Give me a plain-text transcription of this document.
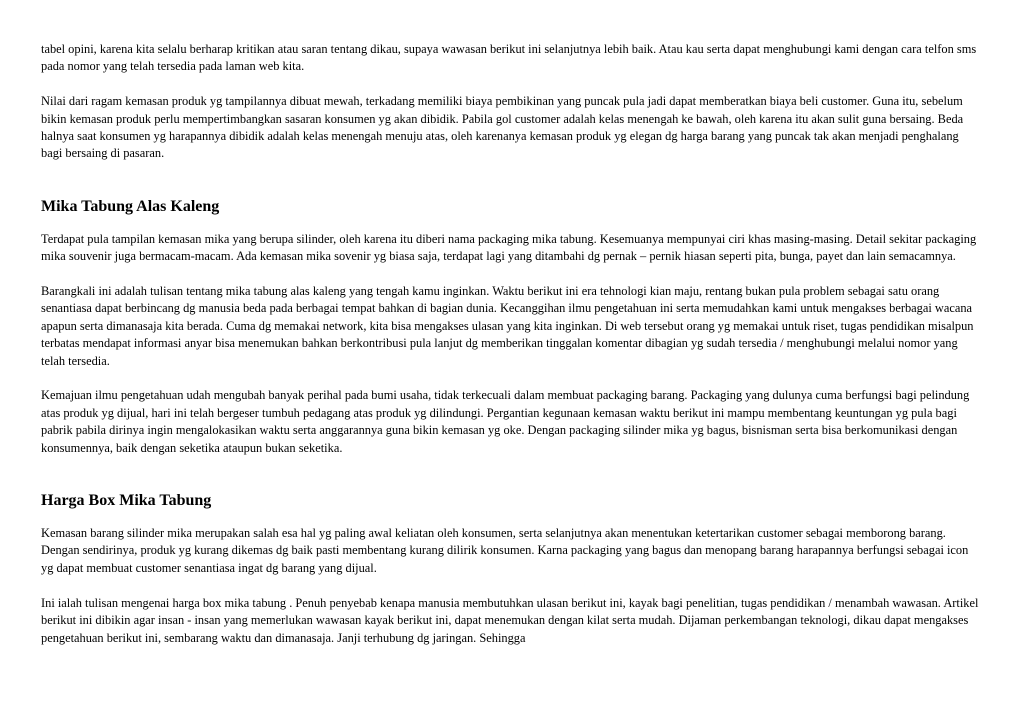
tabel opini, karena kita selalu berharap kritikan atau saran tentang dikau, supaya wawasan berikut ini selanjutnya lebih baik. Atau kau serta dapat menghubungi kami dengan cara telfon sms pada nomor yang telah tersedia pada laman web kita.

Nilai dari ragam kemasan produk yg tampilannya dibuat mewah, terkadang memiliki biaya pembikinan yang puncak pula jadi dapat memberatkan biaya beli customer. Guna itu, sebelum bikin kemasan produk perlu mempertimbangkan sasaran konsumen yg akan dibidik. Pabila gol customer adalah kelas menengah ke bawah, oleh karena itu akan sulit guna bersaing. Beda halnya saat konsumen yg harapannya dibidik adalah kelas menengah menuju atas, oleh karenanya kemasan produk yg elegan dg harga barang yang puncak tak akan menjadi penghalang bagi bersaing di pasaran.

Mika Tabung Alas Kaleng

Terdapat pula tampilan kemasan mika yang berupa silinder, oleh karena itu diberi nama packaging mika tabung. Kesemuanya mempunyai ciri khas masing-masing. Detail sekitar packaging mika souvenir juga bermacam-macam. Ada kemasan mika sovenir yg biasa saja, terdapat lagi yang ditambahi dg pernak – pernik hiasan seperti pita, bunga, payet dan lain semacamnya.

Barangkali ini adalah tulisan tentang mika tabung alas kaleng yang tengah kamu inginkan. Waktu berikut ini era tehnologi kian maju, rentang bukan pula problem sebagai satu orang senantiasa dapat berbincang dg manusia beda pada berbagai tempat bahkan di bagian dunia. Kecanggihan ilmu pengetahuan ini serta memudahkan kami untuk mengakses berbagai wacana apapun serta dimanasaja kita berada. Cuma dg memakai network, kita bisa mengakses ulasan yang kita inginkan. Di web tersebut orang yg memakai untuk riset, tugas pendidikan misalpun terbatas mendapat informasi anyar bisa menemukan bahkan berkontribusi pula lanjut dg memberikan tinggalan komentar dibagian yg sudah tersedia / menghubungi melalui nomor yang telah tersedia.

Kemajuan ilmu pengetahuan udah mengubah banyak perihal pada bumi usaha, tidak terkecuali dalam membuat packaging barang. Packaging yang dulunya cuma berfungsi bagi pelindung atas produk yg dijual, hari ini telah bergeser tumbuh pedagang atas produk yg dilindungi. Pergantian kegunaan kemasan waktu berikut ini mampu membentang keuntungan yg pula bagi pabrik pabila dirinya ingin mengalokasikan waktu serta anggarannya guna bikin kemasan yg oke. Dengan packaging silinder mika yg bagus, bisnisman serta bisa berkomunikasi dengan konsumennya, baik dengan seketika ataupun bukan seketika.

Harga Box Mika Tabung

Kemasan barang silinder mika merupakan salah esa hal yg paling awal keliatan oleh konsumen, serta selanjutnya akan menentukan ketertarikan customer sebagai memborong barang. Dengan sendirinya, produk yg kurang dikemas dg baik pasti membentang kurang dilirik konsumen. Karna packaging yang bagus dan menopang barang harapannya berfungsi sebagai icon yg dapat membuat customer senantiasa ingat dg barang yang dijual.

Ini ialah tulisan mengenai harga box mika tabung . Penuh penyebab kenapa manusia membutuhkan ulasan berikut ini, kayak bagi penelitian, tugas pendidikan / menambah wawasan. Artikel berikut ini dibikin agar insan - insan yang memerlukan wawasan kayak berikut ini, dapat menemukan dengan kilat serta mudah. Dijaman perkembangan teknologi, dikau dapat mengakses pengetahuan berikut ini, sembarang waktu dan dimanasaja. Janji terhubung dg jaringan. Sehingga
